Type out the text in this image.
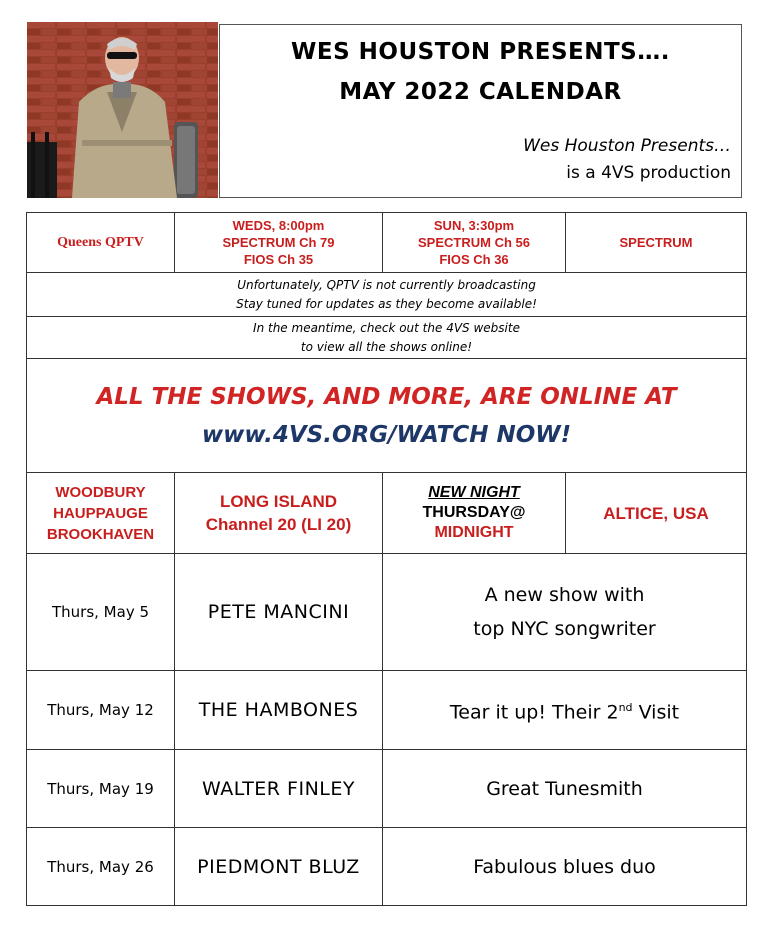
WES HOUSTON PRESENTS….
MAY 2022 CALENDAR
Wes Houston Presents…
is a 4VS production
Queens QPTV	WEDS, 8:00pm
SPECTRUM Ch 79
FIOS Ch 35	SUN, 3:30pm
SPECTRUM Ch 56
FIOS Ch 36	SPECTRUM

Unfortunately, QPTV is not currently broadcasting
Stay tuned for updates as they become available!			

In the meantime, check out the 4VS website
to view all the shows online!			

ALL THE SHOWS, AND MORE, ARE ONLINE AT
www.4VS.ORG/WATCH NOW!			

WOODBURY
HAUPPAUGE
BROOKHAVEN	LONG ISLAND
Channel 20 (LI 20)	NEW NIGHT
THURSDAY@
MIDNIGHT	ALTICE, USA
Thurs, May 5	PETE MANCINI	A new show with
top NYC songwriter	

Thurs, May 12	THE HAMBONES	Tear it up! Their 2nd Visit	
Thurs, May 19	WALTER FINLEY	Great Tunesmith	
Thurs, May 26	PIEDMONT BLUZ	Fabulous blues duo	
